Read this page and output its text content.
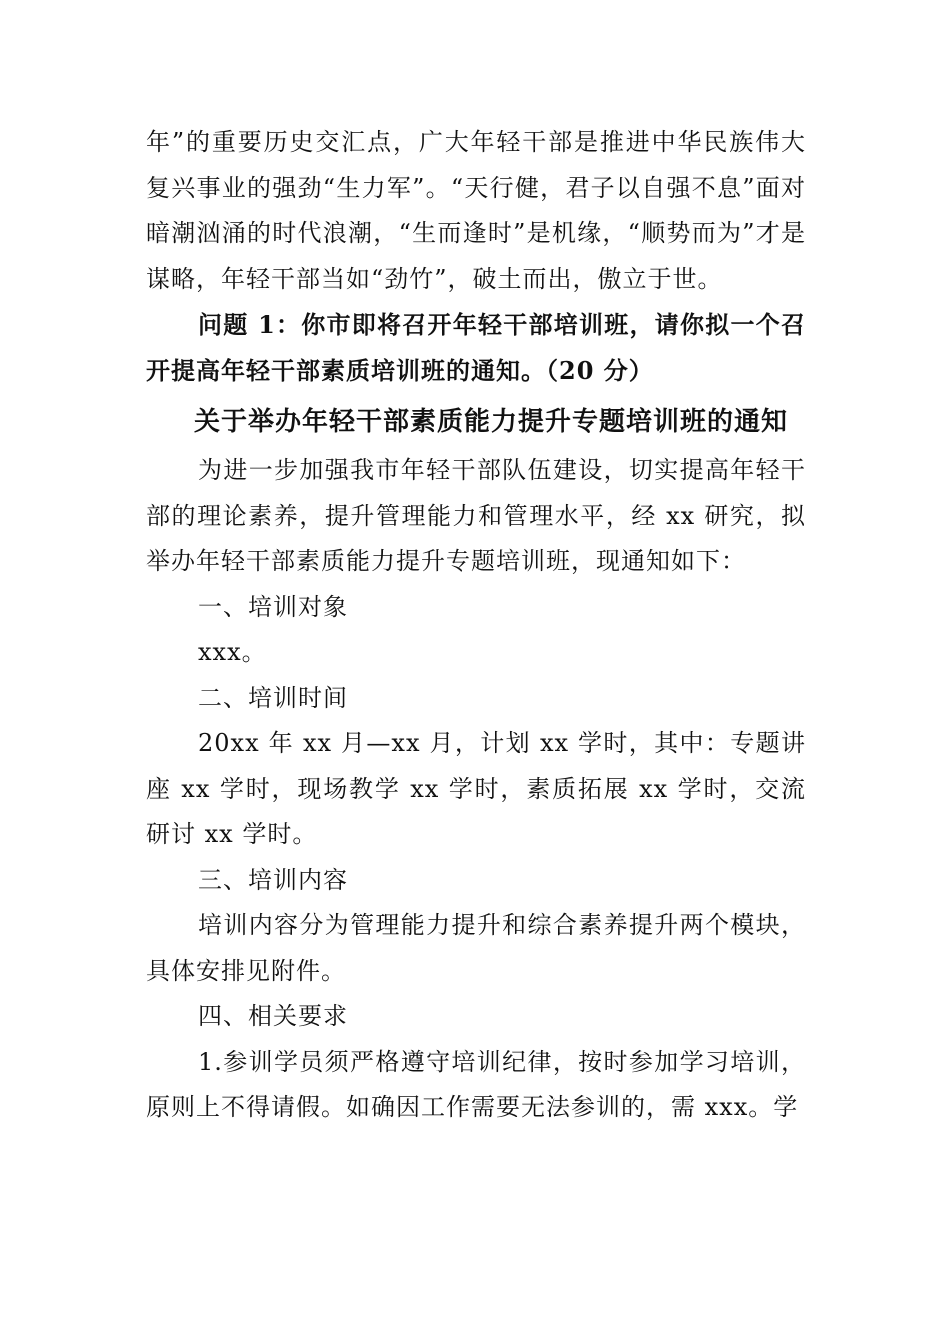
年”的重要历史交汇点，广大年轻干部是推进中华民族伟大复兴事业的强劲“生力军”。“天行健，君子以自强不息”面对暗潮汹涌的时代浪潮，“生而逢时”是机缘，“顺势而为”才是谋略，年轻干部当如“劲竹”，破土而出，傲立于世。

问题 1：你市即将召开年轻干部培训班，请你拟一个召开提高年轻干部素质培训班的通知。（20 分）

关于举办年轻干部素质能力提升专题培训班的通知

为进一步加强我市年轻干部队伍建设，切实提高年轻干部的理论素养，提升管理能力和管理水平，经 xx 研究，拟举办年轻干部素质能力提升专题培训班，现通知如下：

一、培训对象

xxx。

二、培训时间

20xx 年 xx 月—xx 月，计划 xx 学时，其中：专题讲座 xx 学时，现场教学 xx 学时，素质拓展 xx 学时，交流研讨 xx 学时。

三、培训内容

培训内容分为管理能力提升和综合素养提升两个模块，具体安排见附件。

四、相关要求

1.参训学员须严格遵守培训纪律，按时参加学习培训，原则上不得请假。如确因工作需要无法参训的，需 xxx。学
